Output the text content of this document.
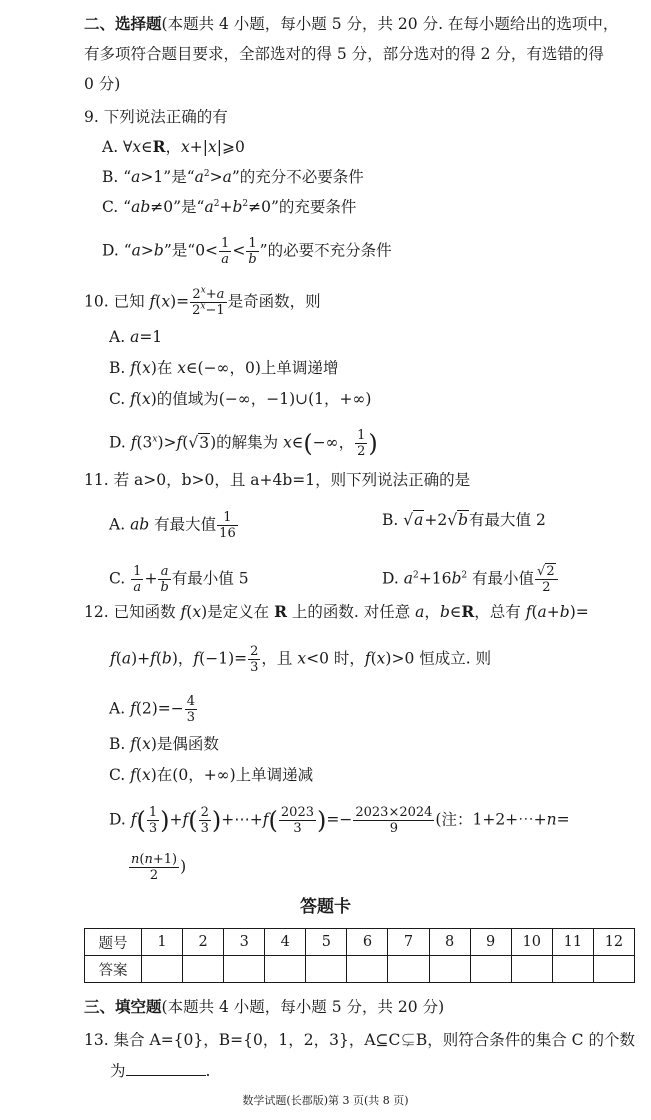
二、选择题(本题共 4 小题，每小题 5 分，共 20 分. 在每小题给出的选项中，
有多项符合题目要求，全部选对的得 5 分，部分选对的得 2 分，有选错的得
0 分)
9. 下列说法正确的有
A. ∀x∈R，x+|x|⩾0
B. “a>1”是“$a^2>a$”的充分不必要条件
C. “ab≠0”是“$a^2+b^2\ne 0$”的充要条件
D. “a>b”是“$0< \frac{1}{a} < \frac{1}{b}$ ”的必要不充分条件
10. 已知 $f(x)= \frac{2^x+a}{2^x-1}$ 是奇函数，则
A. a=1
B. f(x)在 x∈(−∞，0)上单调递增
C. f(x)的值域为(−∞，−1)∪(1，+∞)
D. $f(3^x)>f(√3)$的解集为 x∈(−∞， $\frac{1}{2}$ )
11. 若 a>0，b>0，且 a+4b=1，则下列说法正确的是
A. ab 有最大值 $\frac{1}{16}$	B. √a+2√b有最大值 2
C. $\frac{1}{a} + \frac{a}{b}$ 有最小值 5	D. $a^2+16b^2$ 有最小值 $\frac{√2}{2}$
12. 已知函数 f(x)是定义在 R 上的函数. 对任意 a，b∈R，总有 f(a+b)=
f(a)+f(b)，$f(-1)= \frac{2}{3}$ ，且 x<0 时，f(x)>0 恒成立. 则
A. $f(2)=- \frac{4}{3}$
B. f(x)是偶函数
C. f(x)在(0，+∞)上单调递减
D. $f( \frac{1}{3} )+f( \frac{2}{3}$ )+⋯+f( $\frac{2023}{3}$ )=− $\frac{2023\times 2024}{9}$ (注：1+2+⋯+n=
$\frac{n(n+1)}{2}$ )
答题卡
题号	1	2	3	4	5	6	7	8	9	10	11	12
答案												
三、填空题(本题共 4 小题，每小题 5 分，共 20 分)
13. 集合 A={0}，B={0，1，2，3}，A⊆C⊊B，则符合条件的集合 C 的个数
为	.
数学试题(长郡版)第 3 页(共 8 页)
